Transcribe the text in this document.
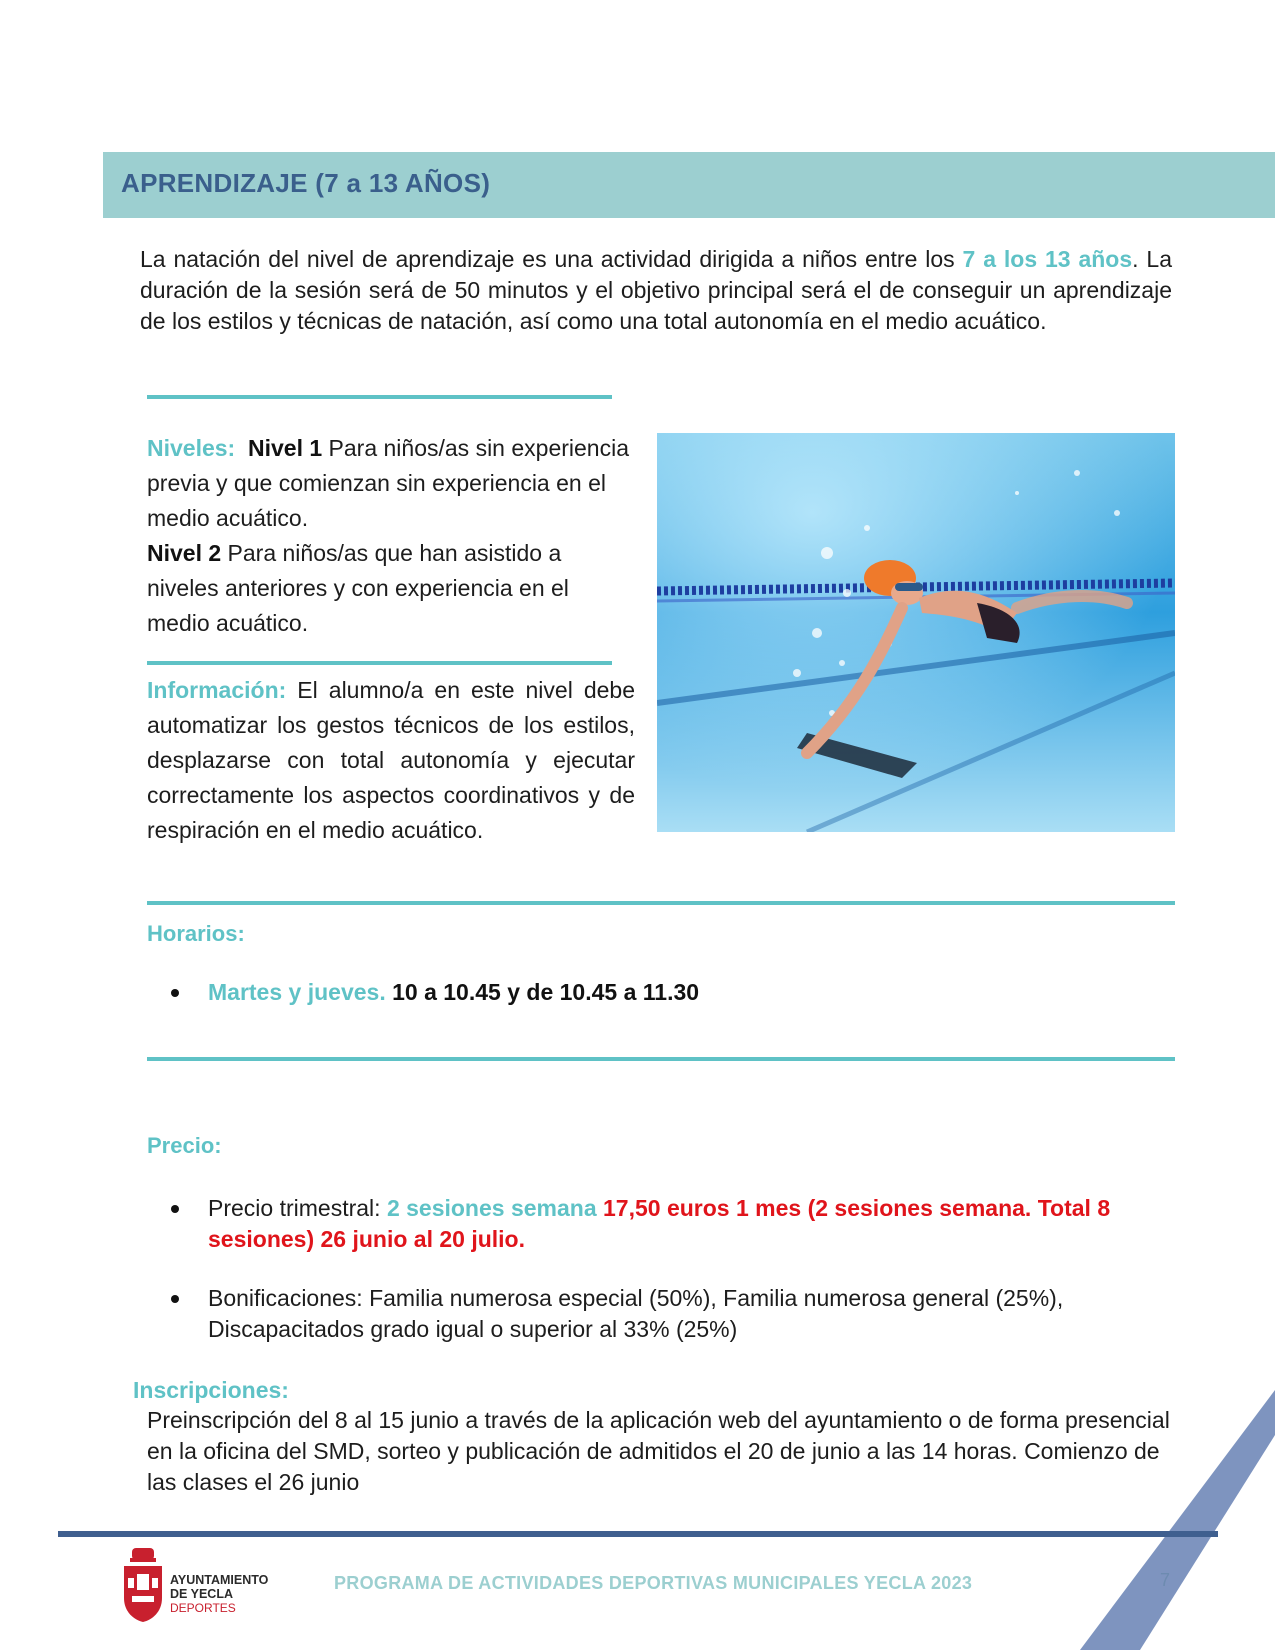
APRENDIZAJE (7 a 13 AÑOS)
La natación del nivel de aprendizaje es una actividad dirigida a niños entre los 7 a los 13 años. La duración de la sesión será de 50 minutos y el objetivo principal será el de conseguir un aprendizaje de los estilos y técnicas de natación, así como una total autonomía en el medio acuático.
Niveles: Nivel 1 Para niños/as sin experiencia previa y que comienzan sin experiencia en el medio acuático.
Nivel 2 Para niños/as que han asistido a niveles anteriores y con experiencia en el medio acuático.
Información: El alumno/a en este nivel debe automatizar los gestos técnicos de los estilos, desplazarse con total autonomía y ejecutar correctamente los aspectos coordinativos y de respiración en el medio acuático.
Horarios:
Martes y jueves. 10 a 10.45 y de 10.45 a 11.30
Precio:
Precio trimestral: 2 sesiones semana 17,50 euros 1 mes (2 sesiones semana. Total 8 sesiones) 26 junio al 20 julio.
Bonificaciones: Familia numerosa especial (50%), Familia numerosa general (25%), Discapacitados grado igual o superior al 33% (25%)
Inscripciones:
Preinscripción del 8 al 15 junio a través de la aplicación web del ayuntamiento o de forma presencial en la oficina del SMD, sorteo y publicación de admitidos el 20 de junio a las 14 horas. Comienzo de las clases el 26 junio
AYUNTAMIENTO
DE YECLA
DEPORTES
PROGRAMA DE ACTIVIDADES DEPORTIVAS MUNICIPALES YECLA 2023	7
